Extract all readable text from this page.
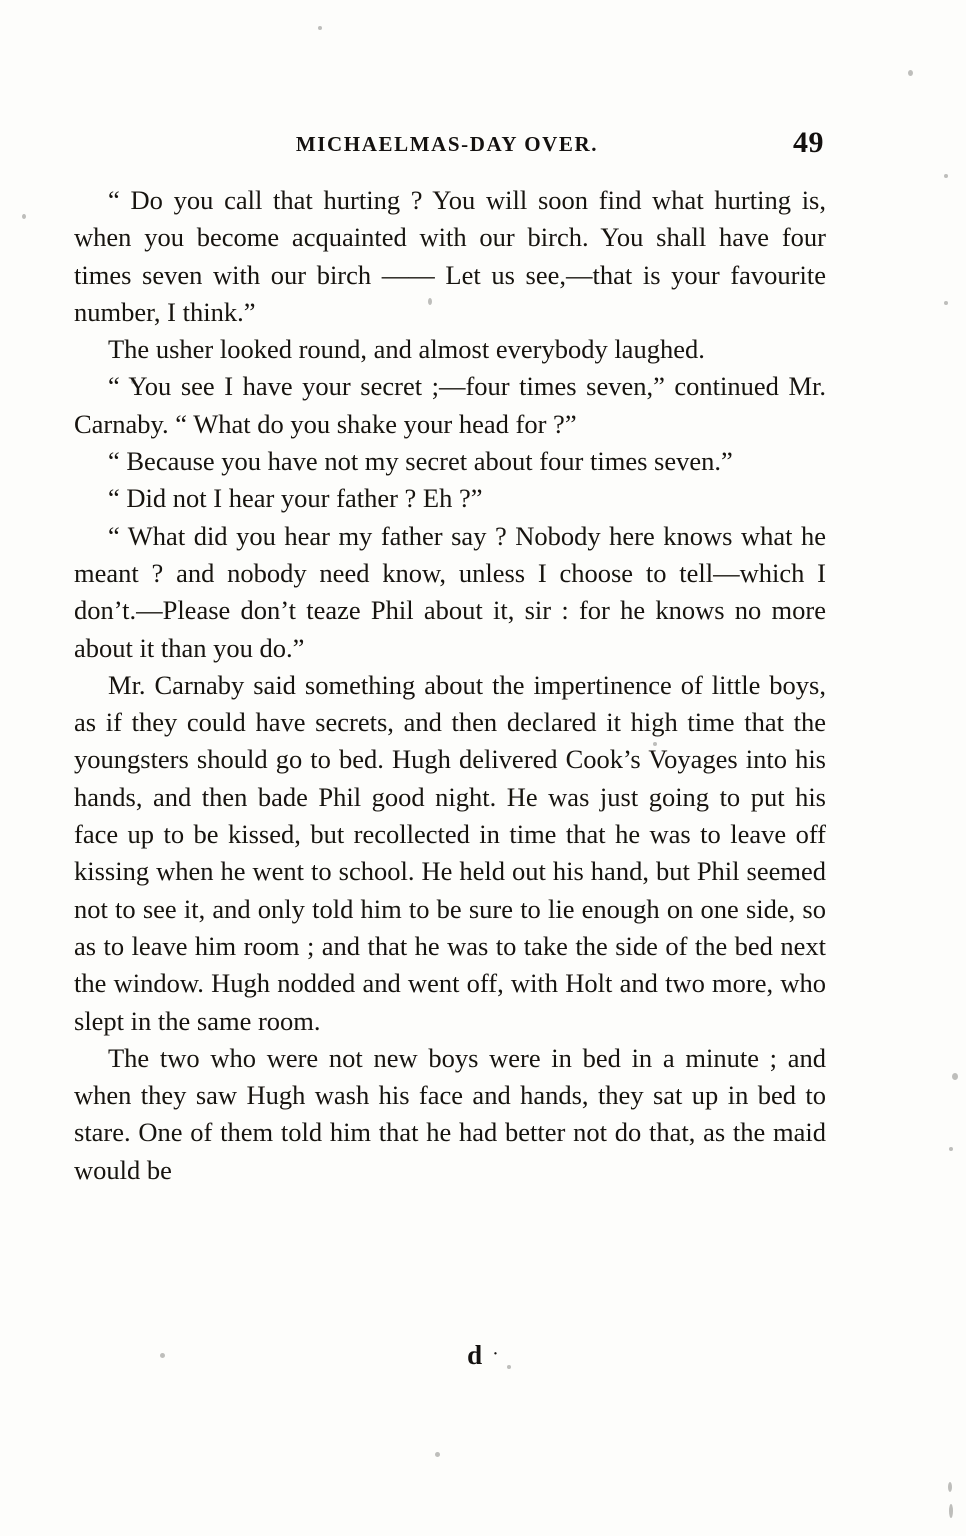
MICHAELMAS-DAY OVER.	49

“ Do you call that hurting ? You will soon find what hurting is, when you become acquainted with our birch. You shall have four times seven with our birch —— Let us see,—that is your favourite number, I think.”

The usher looked round, and almost everybody laughed.

“ You see I have your secret ;—four times seven,” continued Mr. Carnaby. “ What do you shake your head for ?”

“ Because you have not my secret about four times seven.”

“ Did not I hear your father ? Eh ?”

“ What did you hear my father say ? Nobody here knows what he meant ? and nobody need know, unless I choose to tell—which I don’t.—Please don’t teaze Phil about it, sir : for he knows no more about it than you do.”

Mr. Carnaby said something about the impertinence of little boys, as if they could have secrets, and then declared it high time that the youngsters should go to bed. Hugh delivered Cook’s Voyages into his hands, and then bade Phil good night. He was just going to put his face up to be kissed, but recollected in time that he was to leave off kissing when he went to school. He held out his hand, but Phil seemed not to see it, and only told him to be sure to lie enough on one side, so as to leave him room ; and that he was to take the side of the bed next the window. Hugh nodded and went off, with Holt and two more, who slept in the same room.

The two who were not new boys were in bed in a minute ; and when they saw Hugh wash his face and hands, they sat up in bed to stare. One of them told him that he had better not do that, as the maid would be

d ·
